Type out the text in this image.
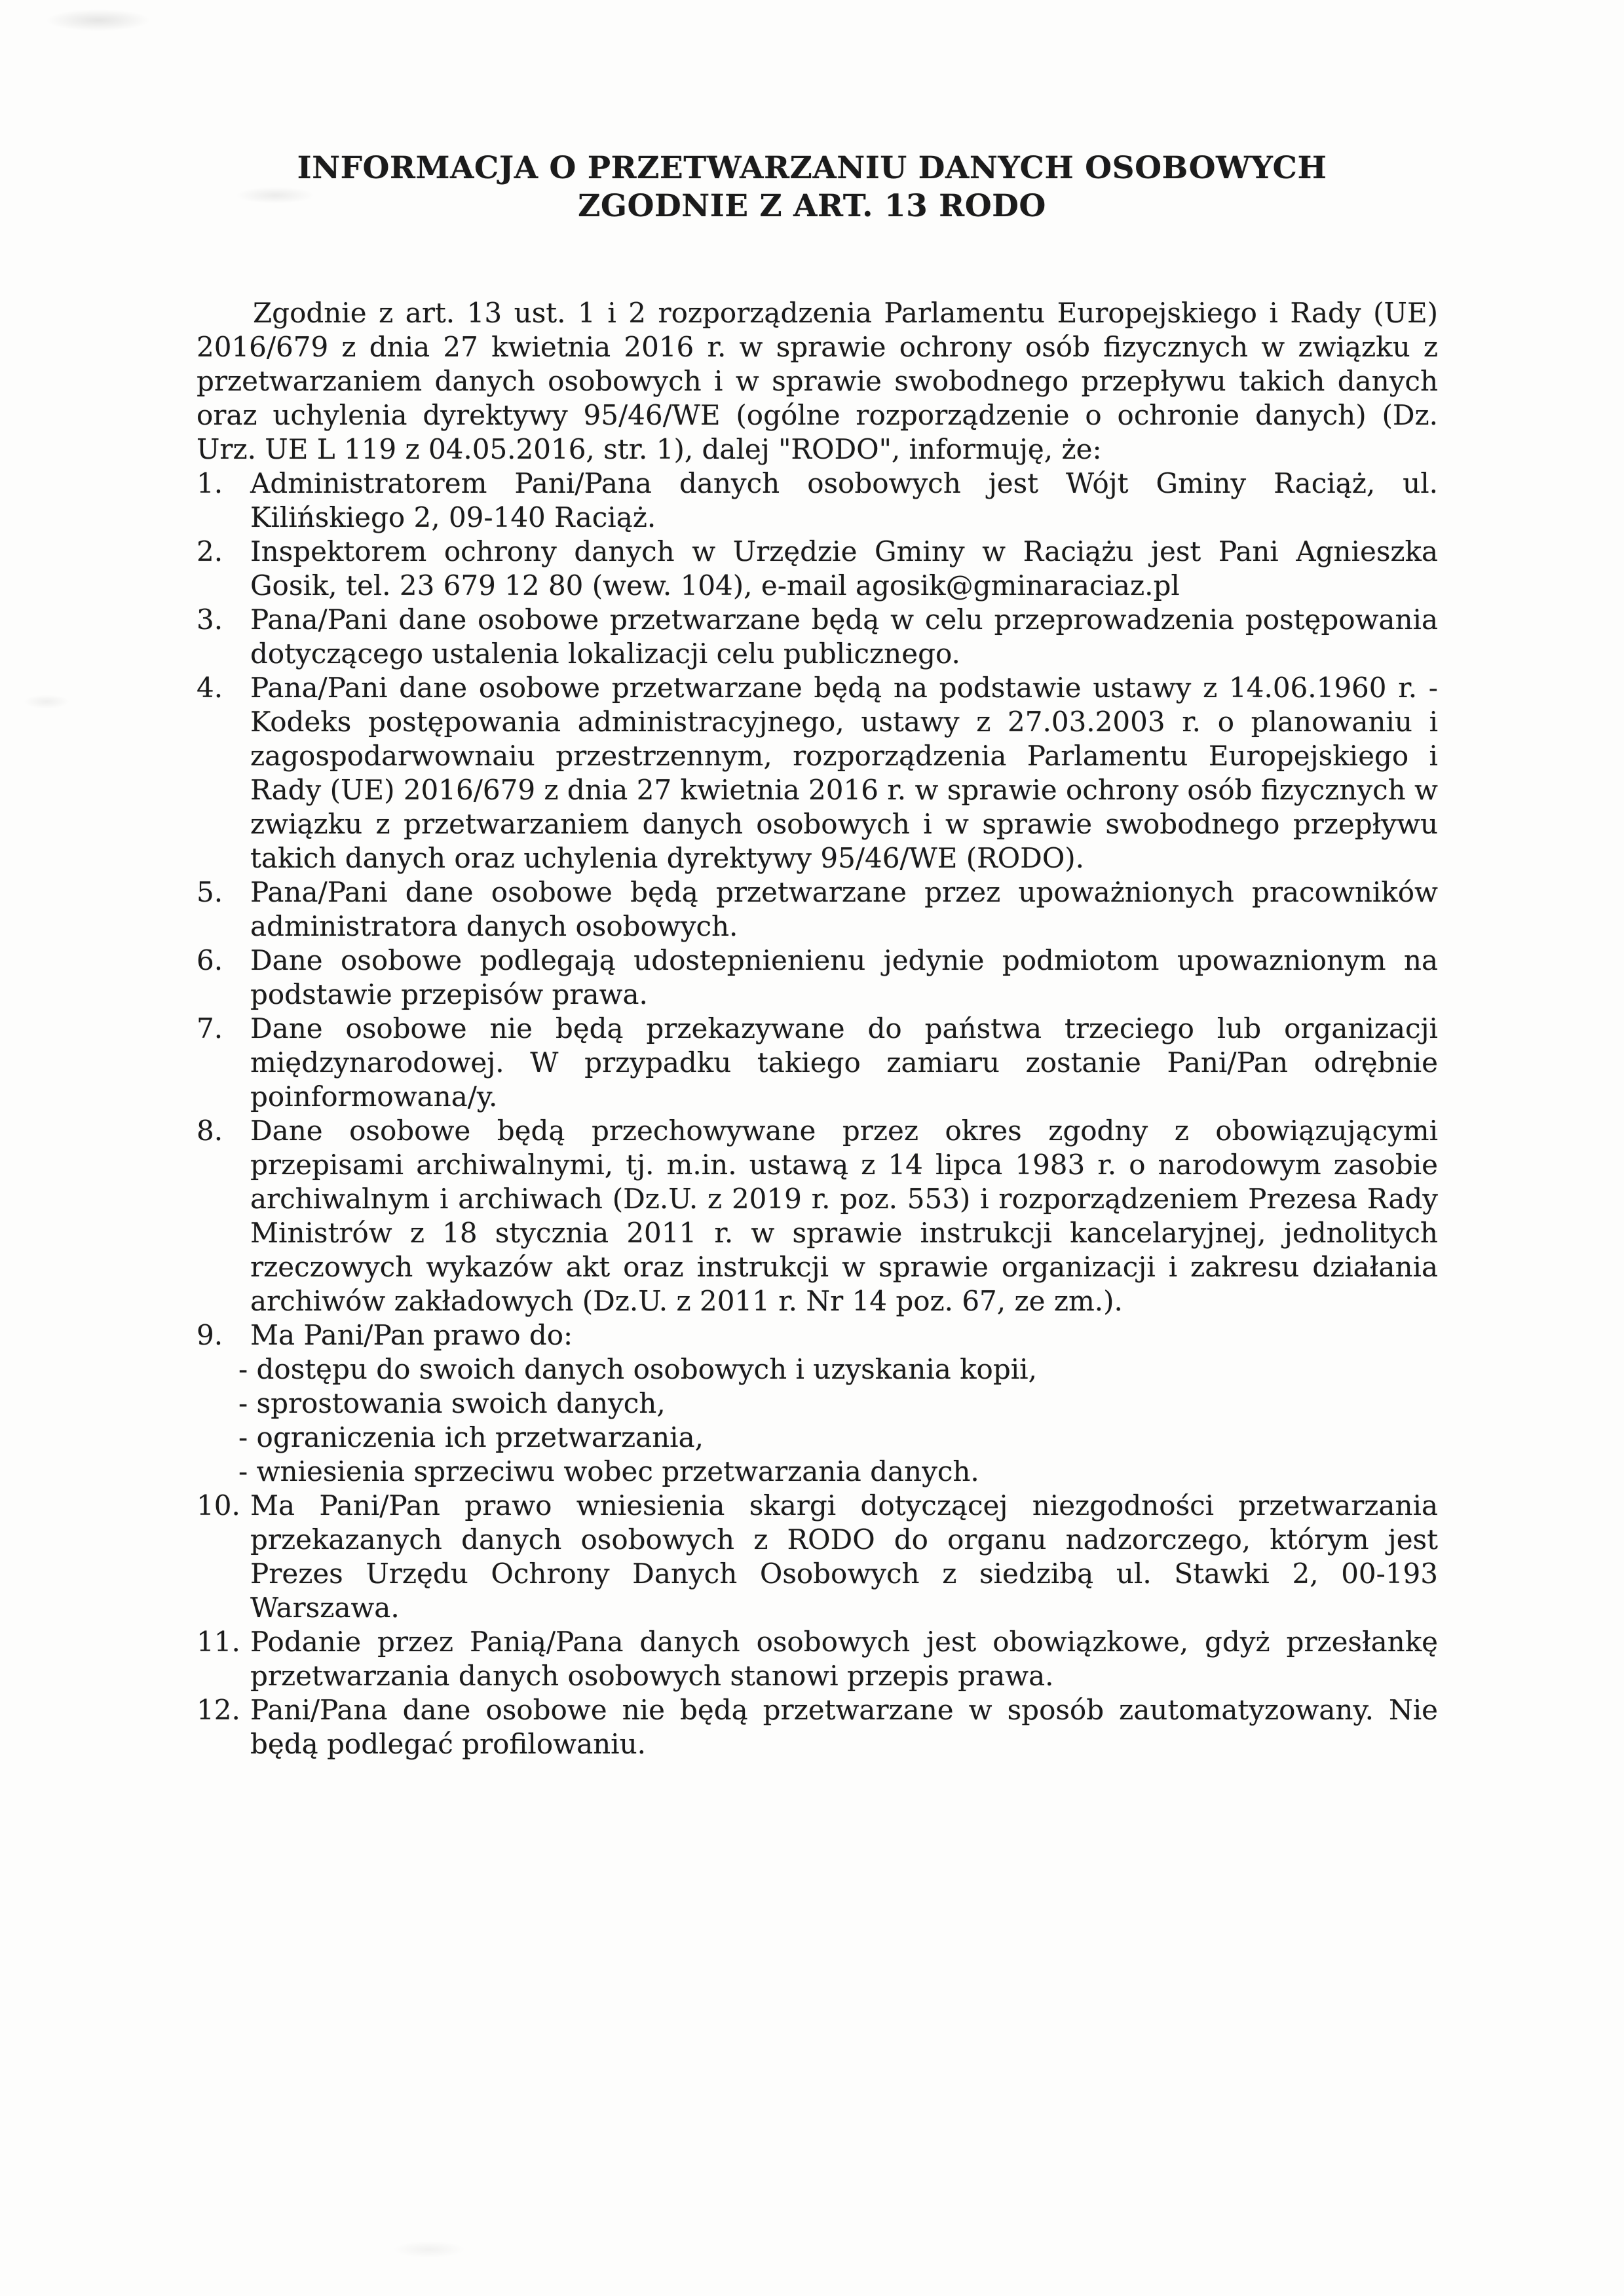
INFORMACJA O PRZETWARZANIU DANYCH OSOBOWYCH
ZGODNIE Z ART. 13 RODO

Zgodnie z art. 13 ust. 1 i 2 rozporządzenia Parlamentu Europejskiego i Rady (UE) 2016/679 z dnia 27 kwietnia 2016 r. w sprawie ochrony osób fizycznych w związku z przetwarzaniem danych osobowych i w sprawie swobodnego przepływu takich danych oraz uchylenia dyrektywy 95/46/WE (ogólne rozporządzenie o ochronie danych) (Dz. Urz. UE L 119 z 04.05.2016, str. 1), dalej "RODO", informuję, że:

1. Administratorem Pani/Pana danych osobowych jest Wójt Gminy Raciąż, ul. Kilińskiego 2, 09-140 Raciąż.
2. Inspektorem ochrony danych w Urzędzie Gminy w Raciążu jest Pani Agnieszka Gosik, tel. 23 679 12 80 (wew. 104), e-mail agosik@gminaraciaz.pl
3. Pana/Pani dane osobowe przetwarzane będą w celu przeprowadzenia postępowania dotyczącego ustalenia lokalizacji celu publicznego.
4. Pana/Pani dane osobowe przetwarzane będą na podstawie ustawy z 14.06.1960 r. - Kodeks postępowania administracyjnego, ustawy z 27.03.2003 r. o planowaniu i zagospodarwownaiu przestrzennym, rozporządzenia Parlamentu Europejskiego i Rady (UE) 2016/679 z dnia 27 kwietnia 2016 r. w sprawie ochrony osób fizycznych w związku z przetwarzaniem danych osobowych i w sprawie swobodnego przepływu takich danych oraz uchylenia dyrektywy 95/46/WE (RODO).
5. Pana/Pani dane osobowe będą przetwarzane przez upoważnionych pracowników administratora danych osobowych.
6. Dane osobowe podlegają udostepnienienu jedynie podmiotom upowaznionym na podstawie przepisów prawa.
7. Dane osobowe nie będą przekazywane do państwa trzeciego lub organizacji międzynarodowej. W przypadku takiego zamiaru zostanie Pani/Pan odrębnie poinformowana/y.
8. Dane osobowe będą przechowywane przez okres zgodny z obowiązującymi przepisami archiwalnymi, tj. m.in. ustawą z 14 lipca 1983 r. o narodowym zasobie archiwalnym i archiwach (Dz.U. z 2019 r. poz. 553) i rozporządzeniem Prezesa Rady Ministrów z 18 stycznia 2011 r. w sprawie instrukcji kancelaryjnej, jednolitych rzeczowych wykazów akt oraz instrukcji w sprawie organizacji i zakresu działania archiwów zakładowych (Dz.U. z 2011 r. Nr 14 poz. 67, ze zm.).
9. Ma Pani/Pan prawo do:
- dostępu do swoich danych osobowych i uzyskania kopii,
- sprostowania swoich danych,
- ograniczenia ich przetwarzania,
- wniesienia sprzeciwu wobec przetwarzania danych.
10. Ma Pani/Pan prawo wniesienia skargi dotyczącej niezgodności przetwarzania przekazanych danych osobowych z RODO do organu nadzorczego, którym jest Prezes Urzędu Ochrony Danych Osobowych z siedzibą ul. Stawki 2, 00-193 Warszawa.
11. Podanie przez Panią/Pana danych osobowych jest obowiązkowe, gdyż przesłankę przetwarzania danych osobowych stanowi przepis prawa.
12. Pani/Pana dane osobowe nie będą przetwarzane w sposób zautomatyzowany. Nie będą podlegać profilowaniu.
